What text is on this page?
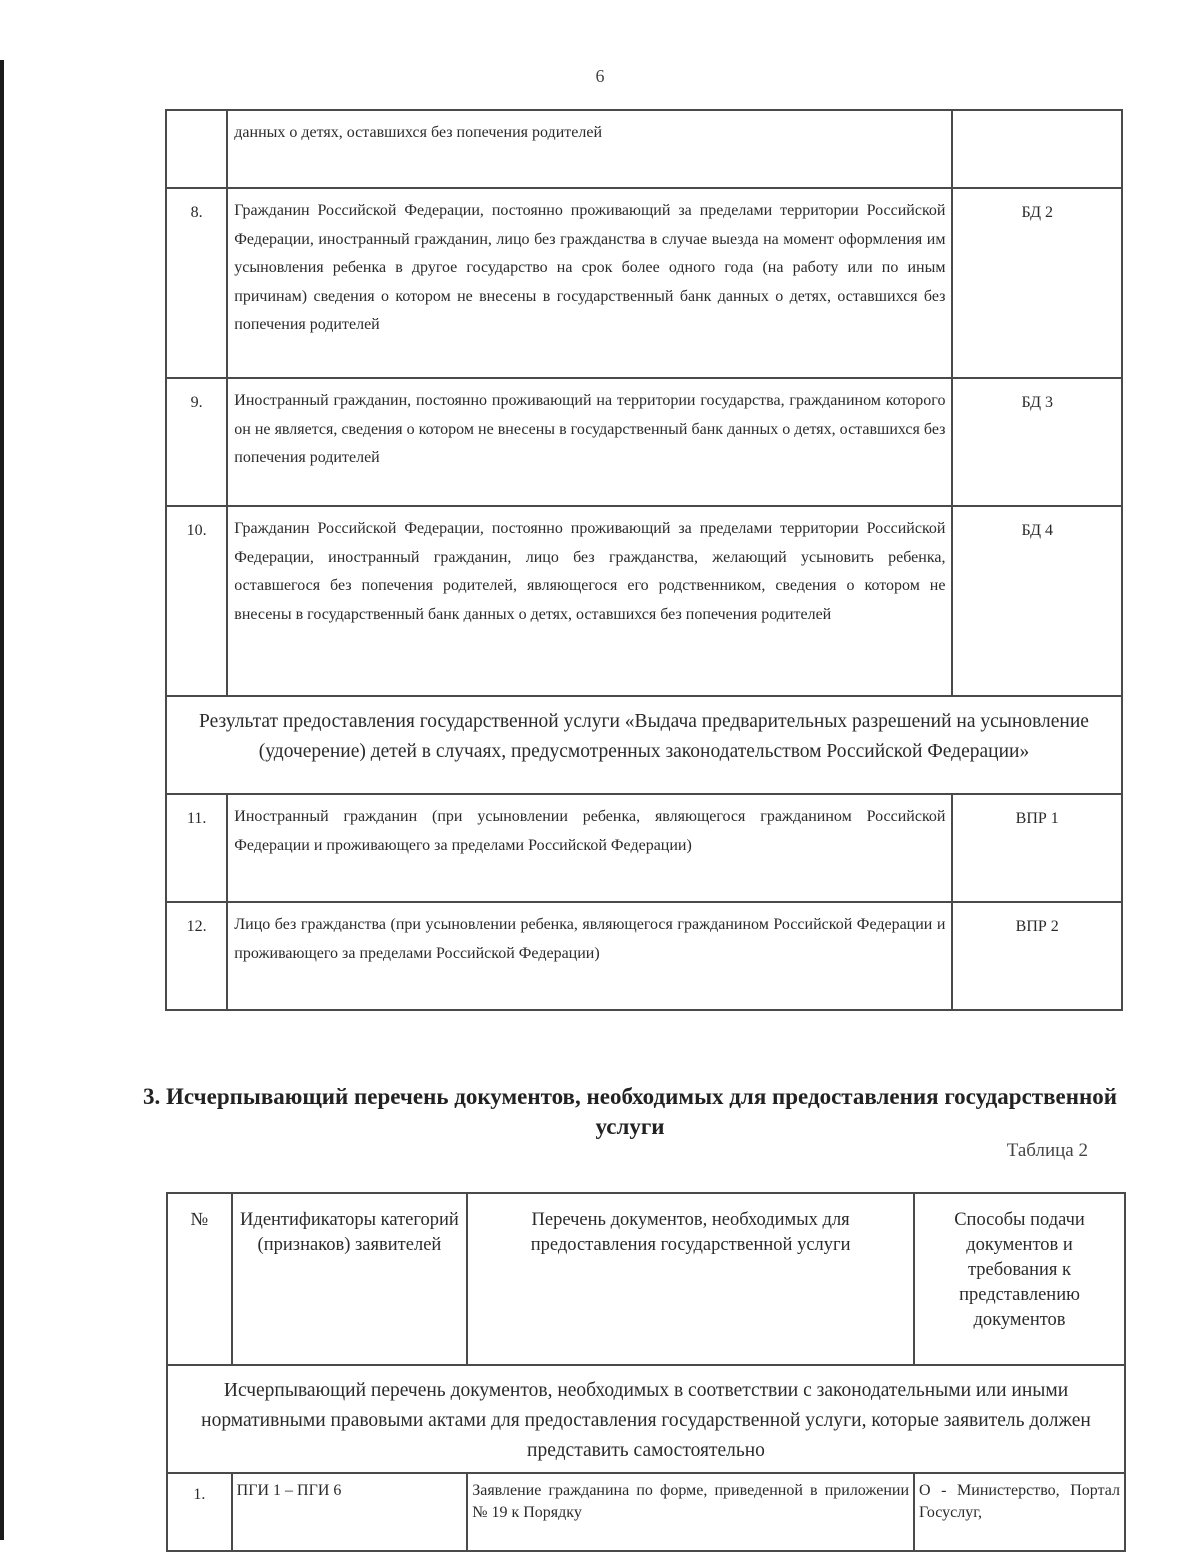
6
	данных о детях, оставшихся без попечения родителей	
8.	Гражданин Российской Федерации, постоянно проживающий за пределами территории Российской Федерации, иностранный гражданин, лицо без гражданства в случае выезда на момент оформления им усыновления ребенка в другое государство на срок более одного года (на работу или по иным причинам) сведения о котором не внесены в государственный банк данных о детях, оставшихся без попечения родителей	БД 2
9.	Иностранный гражданин, постоянно проживающий на территории государства, гражданином которого он не является, сведения о котором не внесены в государственный банк данных о детях, оставшихся без попечения родителей	БД 3
10.	Гражданин Российской Федерации, постоянно проживающий за пределами территории Российской Федерации, иностранный гражданин, лицо без гражданства, желающий усыновить ребенка, оставшегося без попечения родителей, являющегося его родственником, сведения о котором не внесены в государственный банк данных о детях, оставшихся без попечения родителей	БД 4
Результат предоставления государственной услуги «Выдача предварительных разрешений на усыновление (удочерение) детей в случаях, предусмотренных законодательством Российской Федерации»		
11.	Иностранный гражданин (при усыновлении ребенка, являющегося гражданином Российской Федерации и проживающего за пределами Российской Федерации)	ВПР 1
12.	Лицо без гражданства (при усыновлении ребенка, являющегося гражданином Российской Федерации и проживающего за пределами Российской Федерации)	ВПР 2
3. Исчерпывающий перечень документов, необходимых для предоставления государственной услуги
Таблица 2
№	Идентификаторы категорий (признаков) заявителей	Перечень документов, необходимых для предоставления государственной услуги	Способы подачи документов и требования к представлению документов
Исчерпывающий перечень документов, необходимых в соответствии с законодательными или иными нормативными правовыми актами для предоставления государственной услуги, которые заявитель должен представить самостоятельно			
1.	ПГИ 1 – ПГИ 6	Заявление гражданина по форме, приведенной в приложении № 19 к Порядку	О - Министерство, Портал Госуслуг,
